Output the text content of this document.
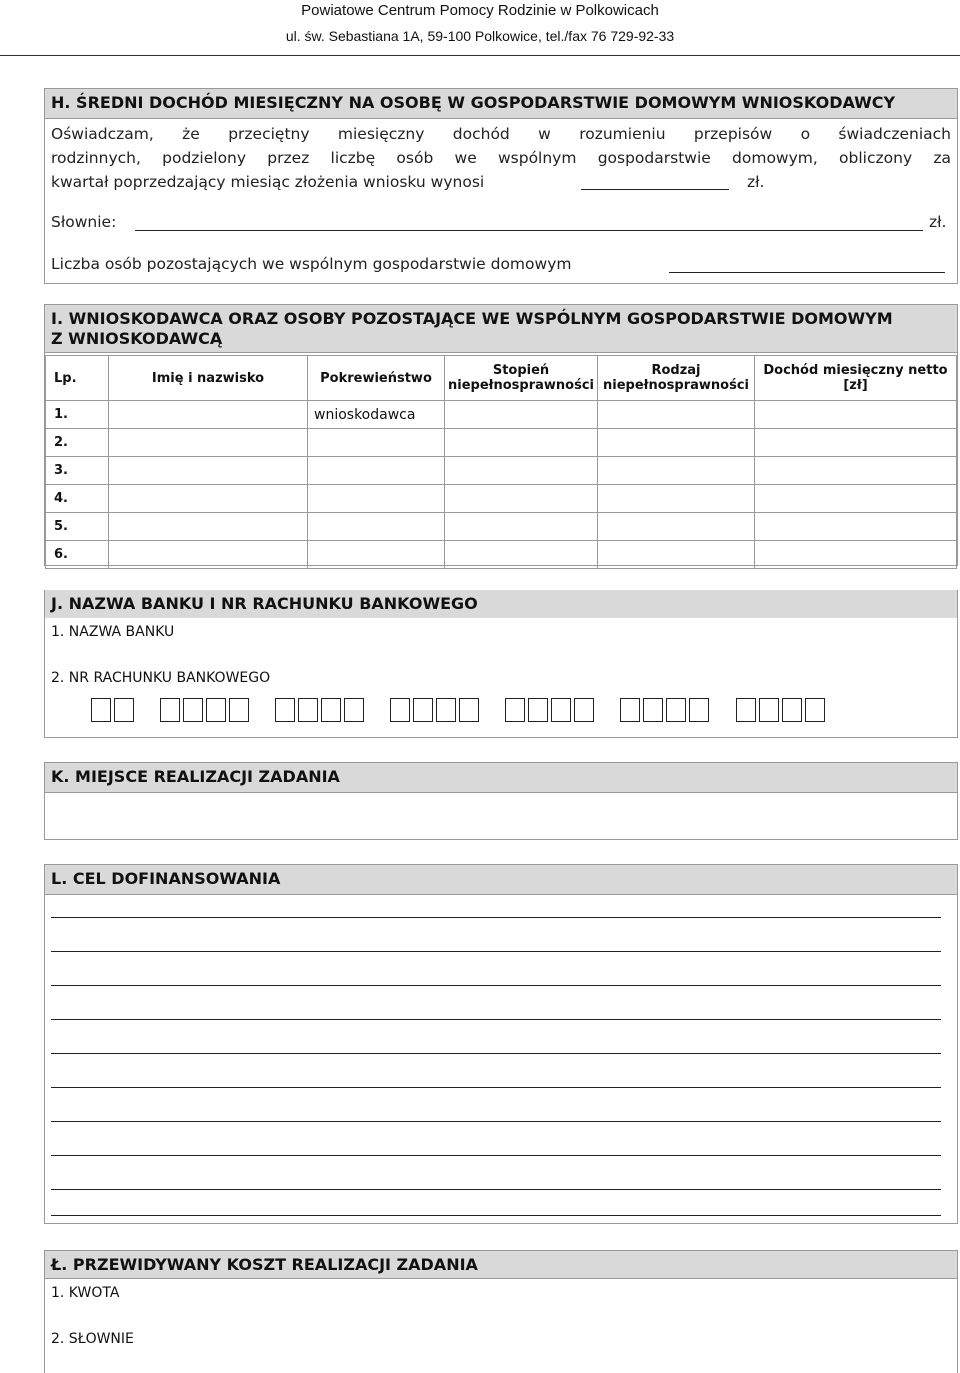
Powiatowe Centrum Pomocy Rodzinie w Polkowicach
ul. św. Sebastiana 1A, 59-100 Polkowice, tel./fax 76 729-92-33
H. ŚREDNI DOCHÓD MIESIĘCZNY NA OSOBĘ W GOSPODARSTWIE DOMOWYM WNIOSKODAWCY
Oświadczam, że przeciętny miesięczny dochód w rozumieniu przepisów o świadczeniach
rodzinnych, podzielony przez liczbę osób we wspólnym gospodarstwie domowym, obliczony za
kwartał poprzedzający miesiąc złożenia wniosku wynosi	zł.
Słownie:	zł.
Liczba osób pozostających we wspólnym gospodarstwie domowym
I. WNIOSKODAWCA ORAZ OSOBY POZOSTAJĄCE WE WSPÓLNYM GOSPODARSTWIE DOMOWYM
Z WNIOSKODAWCĄ
Lp.	Imię i nazwisko	Pokrewieństwo	Stopień niepełnosprawności	Rodzaj niepełnosprawności	Dochód miesięczny netto [zł]
1.		wnioskodawca			
2.					
3.					
4.					
5.					
6.					
J. NAZWA BANKU I NR RACHUNKU BANKOWEGO
1. NAZWA BANKU
2. NR RACHUNKU BANKOWEGO

K. MIEJSCE REALIZACJI ZADANIA
L. CEL DOFINANSOWANIA
Ł. PRZEWIDYWANY KOSZT REALIZACJI ZADANIA
1. KWOTA
2. SŁOWNIE
